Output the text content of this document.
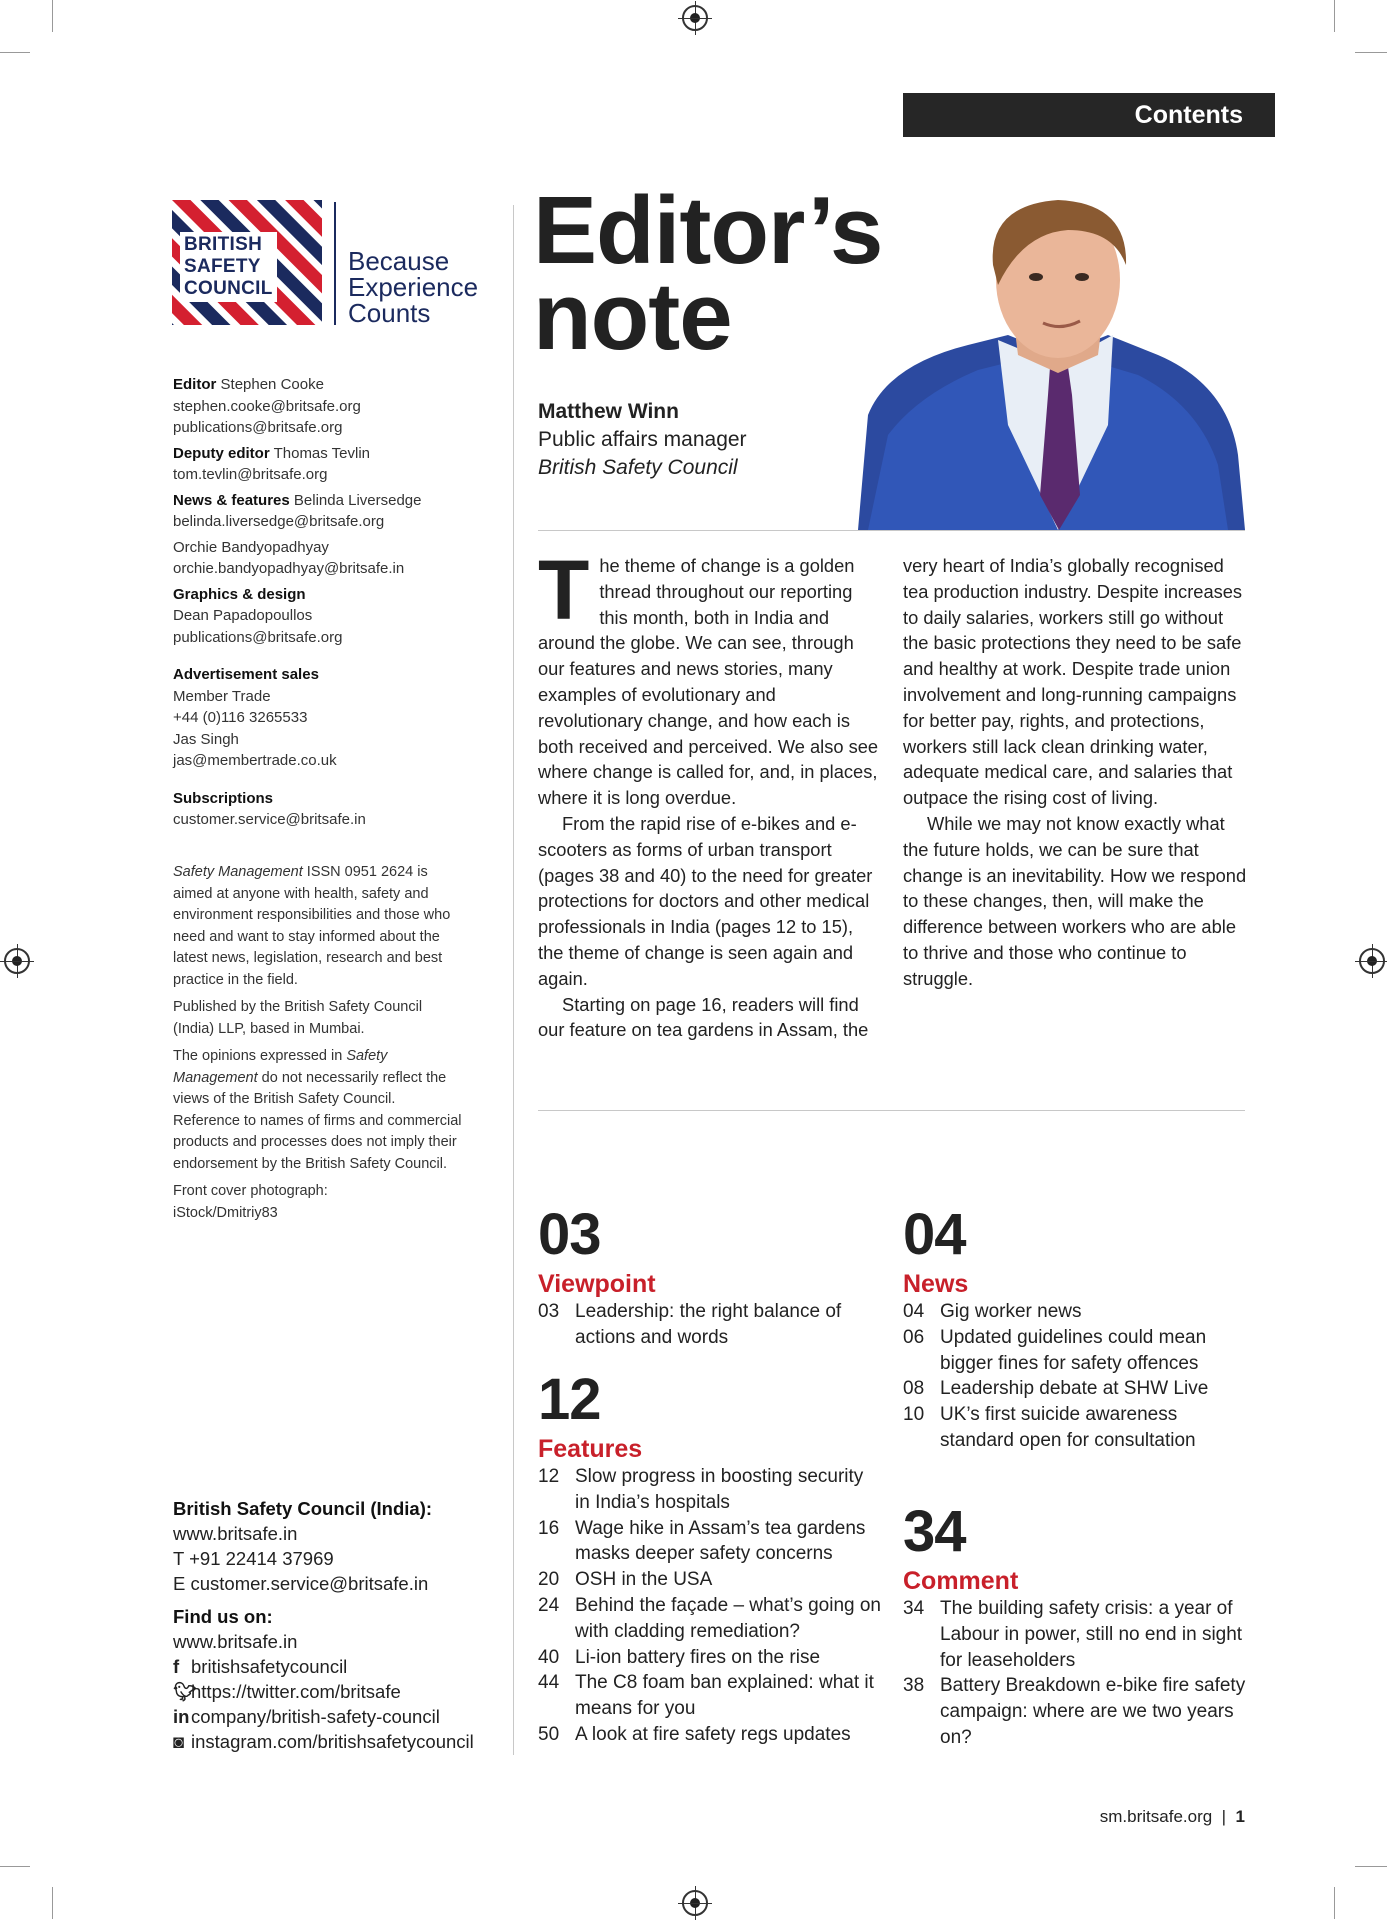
Contents
BRITISH
SAFETY
COUNCIL
Because
Experience
Counts
Editor Stephen Cooke
stephen.cooke@britsafe.org
publications@britsafe.org
Deputy editor Thomas Tevlin
tom.tevlin@britsafe.org
News & features Belinda Liversedge
belinda.liversedge@britsafe.org
Orchie Bandyopadhyay
orchie.bandyopadhyay@britsafe.in
Graphics & design
Dean Papadopoullos
publications@britsafe.org
Advertisement sales
Member Trade
+44 (0)116 3265533
Jas Singh
jas@membertrade.co.uk
Subscriptions
customer.service@britsafe.in

Safety Management ISSN 0951 2624 is aimed at anyone with health, safety and environment responsibilities and those who need and want to stay informed about the latest news, legislation, research and best practice in the field.

Published by the British Safety Council (India) LLP, based in Mumbai.

The opinions expressed in Safety Management do not necessarily reflect the views of the British Safety Council. Reference to names of firms and commercial products and processes does not imply their endorsement by the British Safety Council.

Front cover photograph:
iStock/Dmitriy83

British Safety Council (India):
www.britsafe.in
T +91 22414 37969
E customer.service@britsafe.in

Find us on:
www.britsafe.in
f britishsafetycouncil
🐦︎https://twitter.com/britsafe
incompany/british-safety-council
◙ instagram.com/britishsafetycouncil
Editor’s
note
Matthew Winn
Public affairs manager
British Safety Council

The theme of change is a golden thread throughout our reporting this month, both in India and around the globe. We can see, through our features and news stories, many examples of evolutionary and revolutionary change, and how each is both received and perceived. We also see where change is called for, and, in places, where it is long overdue.

From the rapid rise of e-bikes and e-scooters as forms of urban transport (pages 38 and 40) to the need for greater protections for doctors and other medical professionals in India (pages 12 to 15), the theme of change is seen again and again.

Starting on page 16, readers will find our feature on tea gardens in Assam, the

very heart of India’s globally recognised tea production industry. Despite increases to daily salaries, workers still go without the basic protections they need to be safe and healthy at work. Despite trade union involvement and long-running campaigns for better pay, rights, and protections, workers still lack clean drinking water, adequate medical care, and salaries that outpace the rising cost of living.

While we may not know exactly what the future holds, we can be sure that change is an inevitability. How we respond to these changes, then, will make the difference between workers who are able to thrive and those who continue to struggle.

03
Viewpoint
03 Leadership: the right balance of actions and words
12
Features
12 Slow progress in boosting security in India’s hospitals
16 Wage hike in Assam’s tea gardens masks deeper safety concerns
20 OSH in the USA
24 Behind the façade – what’s going on with cladding remediation?
40 Li-ion battery fires on the rise
44 The C8 foam ban explained: what it means for you
50 A look at fire safety regs updates
04
News
04 Gig worker news
06 Updated guidelines could mean bigger fines for safety offences
08 Leadership debate at SHW Live
10 UK’s first suicide awareness standard open for consultation
34
Comment
34 The building safety crisis: a year of Labour in power, still no end in sight for leaseholders
38 Battery Breakdown e-bike fire safety campaign: where are we two years on?
sm.britsafe.org | 1
